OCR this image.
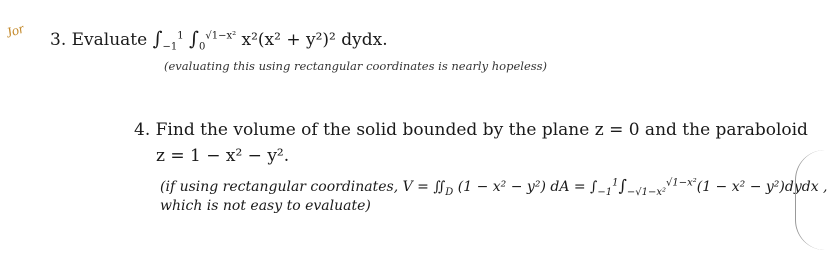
Jor 3. Evaluate $\int_{-1}^1$ $\int_0^{√1-x^2}$ x²(x² + y²)² dydx.
(evaluating this using rectangular coordinates is nearly hopeless)
4. Find the volume of the solid bounded by the plane z = 0 and the paraboloid
z = 1 − x² − y².
(if using rectangular coordinates, $V = ∬_D$ (1 − x² − y²) dA = $\int_{-1}^1\int_{-√1-x^2}^{√1-x^2}(1 - x^2$ − y²)dydx ,
which is not easy to evaluate)
